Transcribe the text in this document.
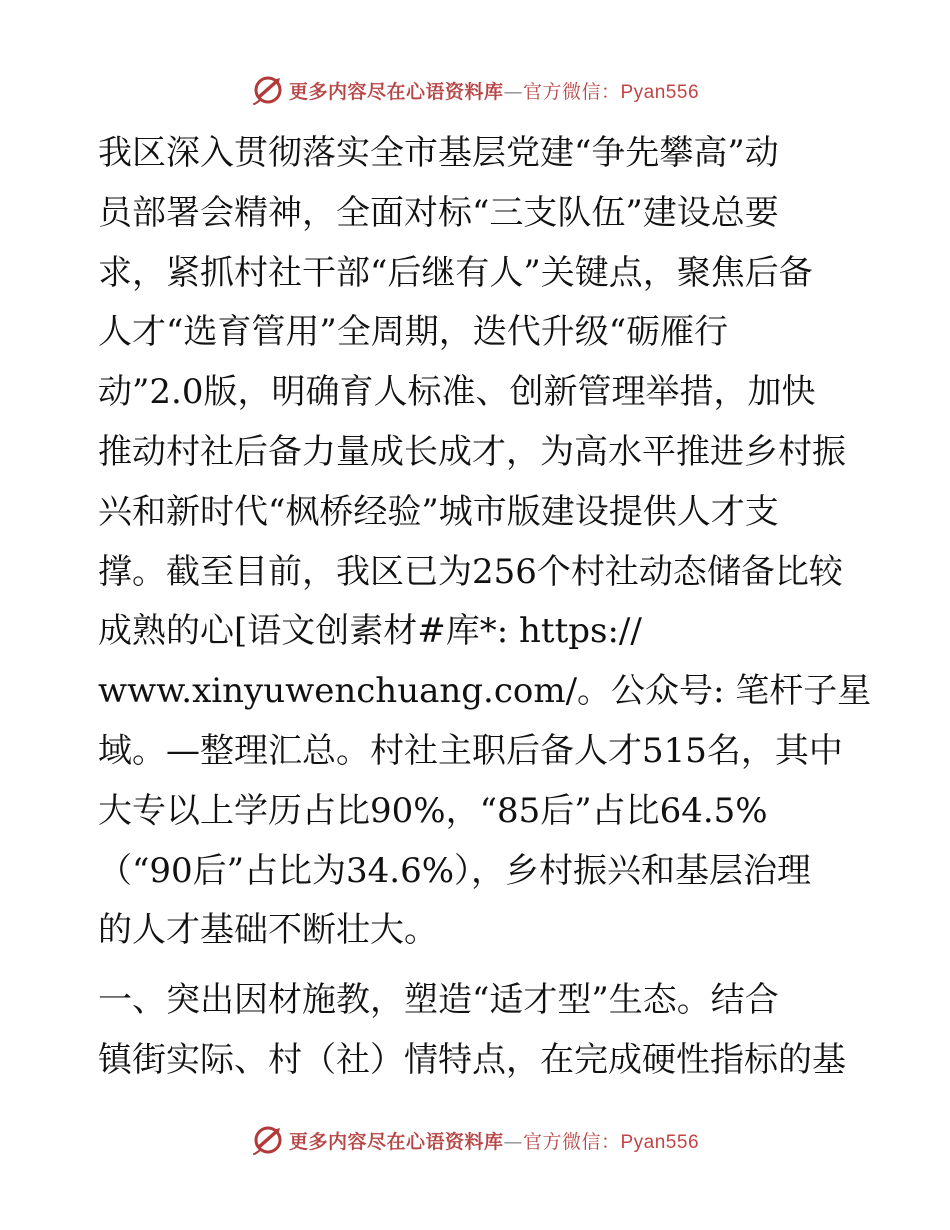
更多内容尽在心语资料库—官方微信：Pyan556
我区深入贯彻落实全市基层党建“争先攀高”动
员部署会精神，全面对标“三支队伍”建设总要
求，紧抓村社干部“后继有人”关键点，聚焦后备
人才“选育管用”全周期，迭代升级“砺雁行
动”2.0版，明确育人标准、创新管理举措，加快
推动村社后备力量成长成才，为高水平推进乡村振
兴和新时代“枫桥经验”城市版建设提供人才支
撑。截至目前，我区已为256个村社动态储备比较
成熟的心[语文创素材#库*: https://
www.xinyuwenchuang.com/。公众号: 笔杆子星
域。—整理汇总。村社主职后备人才515名，其中
大专以上学历占比90%，“85后”占比64.5%
（“90后”占比为34.6%），乡村振兴和基层治理
的人才基础不断壮大。
一、突出因材施教，塑造“适才型”生态。结合
镇街实际、村（社）情特点，在完成硬性指标的基
更多内容尽在心语资料库—官方微信：Pyan556
